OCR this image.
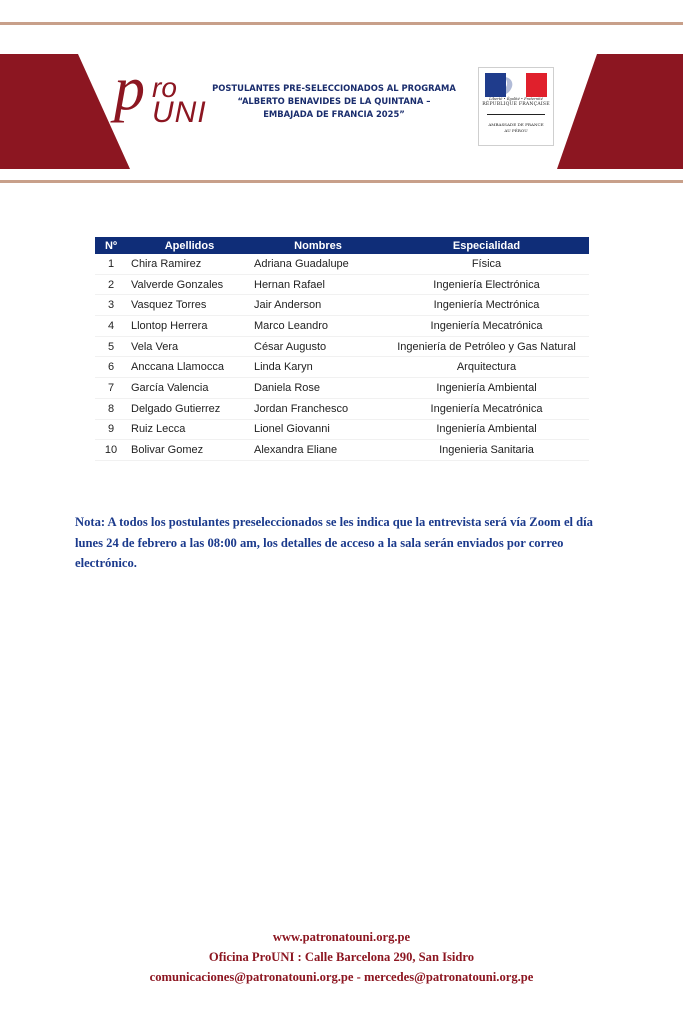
p ro
UNI
POSTULANTES PRE-SELECCIONADOS AL PROGRAMA
“ALBERTO BENAVIDES DE LA QUINTANA –
EMBAJADA DE FRANCIA 2025”
Liberté • Égalité • Fraternité
RÉPUBLIQUE FRANÇAISE
AMBASSADE DE FRANCE
AU PÉROU
Nº	Apellidos	Nombres	Especialidad
1	Chira Ramirez	Adriana Guadalupe	Física
2	Valverde Gonzales	Hernan Rafael	Ingeniería Electrónica
3	Vasquez Torres	Jair Anderson	Ingeniería Mectrónica
4	Llontop Herrera	Marco Leandro	Ingeniería Mecatrónica
5	Vela Vera	César Augusto	Ingeniería de Petróleo y Gas Natural
6	Anccana Llamocca	Linda Karyn	Arquitectura
7	García Valencia	Daniela Rose	Ingeniería Ambiental
8	Delgado Gutierrez	Jordan Franchesco	Ingeniería Mecatrónica
9	Ruiz Lecca	Lionel Giovanni	Ingeniería Ambiental
10	Bolivar Gomez	Alexandra Eliane	Ingenieria Sanitaria
Nota: A todos los postulantes preseleccionados se les indica que la entrevista será vía Zoom el día lunes 24 de febrero a las 08:00 am, los detalles de acceso a la sala serán enviados por correo electrónico.
www.patronatouni.org.pe
Oficina ProUNI : Calle Barcelona 290, San Isidro
comunicaciones@patronatouni.org.pe - mercedes@patronatouni.org.pe
